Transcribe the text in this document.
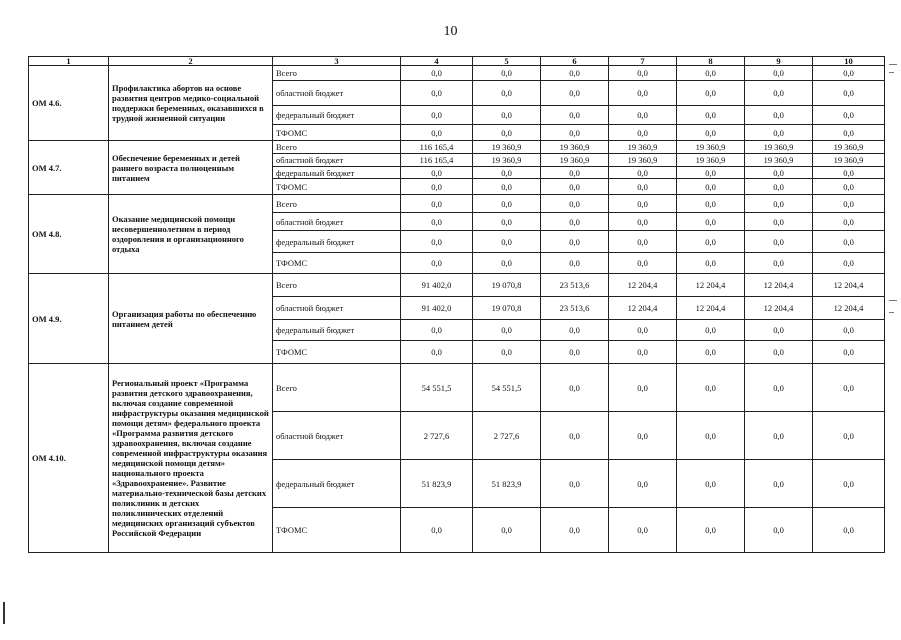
10
1	2	3	4	5	6	7	8	9	10
ОМ 4.6.	Профилактика абортов на основе развития центров медико-социальной поддержки беременных, оказавшихся в трудной жизненной ситуации	Всего	0,0	0,0	0,0	0,0	0,0	0,0	0,0
		областной бюджет	0,0	0,0	0,0	0,0	0,0	0,0	0,0
		федеральный бюджет	0,0	0,0	0,0	0,0	0,0	0,0	0,0
		ТФОМС	0,0	0,0	0,0	0,0	0,0	0,0	0,0
ОМ 4.7.	Обеспечение беременных и детей раннего возраста полноценным питанием	Всего	116 165,4	19 360,9	19 360,9	19 360,9	19 360,9	19 360,9	19 360,9
		областной бюджет	116 165,4	19 360,9	19 360,9	19 360,9	19 360,9	19 360,9	19 360,9
		федеральный бюджет	0,0	0,0	0,0	0,0	0,0	0,0	0,0
		ТФОМС	0,0	0,0	0,0	0,0	0,0	0,0	0,0
ОМ 4.8.	Оказание медицинской помощи несовершеннолетним в период оздоровления и организационного отдыха	Всего	0,0	0,0	0,0	0,0	0,0	0,0	0,0
		областной бюджет	0,0	0,0	0,0	0,0	0,0	0,0	0,0
		федеральный бюджет	0,0	0,0	0,0	0,0	0,0	0,0	0,0
		ТФОМС	0,0	0,0	0,0	0,0	0,0	0,0	0,0
ОМ 4.9.	Организация работы по обеспечению питанием детей	Всего	91 402,0	19 070,8	23 513,6	12 204,4	12 204,4	12 204,4	12 204,4
		областной бюджет	91 402,0	19 070,8	23 513,6	12 204,4	12 204,4	12 204,4	12 204,4
		федеральный бюджет	0,0	0,0	0,0	0,0	0,0	0,0	0,0
		ТФОМС	0,0	0,0	0,0	0,0	0,0	0,0	0,0
ОМ 4.10.	Региональный проект «Программа развития детского здравоохранения, включая создание современной инфраструктуры оказания медицинской помощи детям» федерального проекта «Программа развития детского здравоохранения, включая создание современной инфраструктуры оказания медицинской помощи детям» национального проекта «Здравоохранение». Развитие материально-технической базы детских поликлиник и детских поликлинических отделений медицинских организаций субъектов Российской Федерации	Всего	54 551,5	54 551,5	0,0	0,0	0,0	0,0	0,0
		областной бюджет	2 727,6	2 727,6	0,0	0,0	0,0	0,0	0,0
		федеральный бюджет	51 823,9	51 823,9	0,0	0,0	0,0	0,0	0,0
		ТФОМС	0,0	0,0	0,0	0,0	0,0	0,0	0,0
